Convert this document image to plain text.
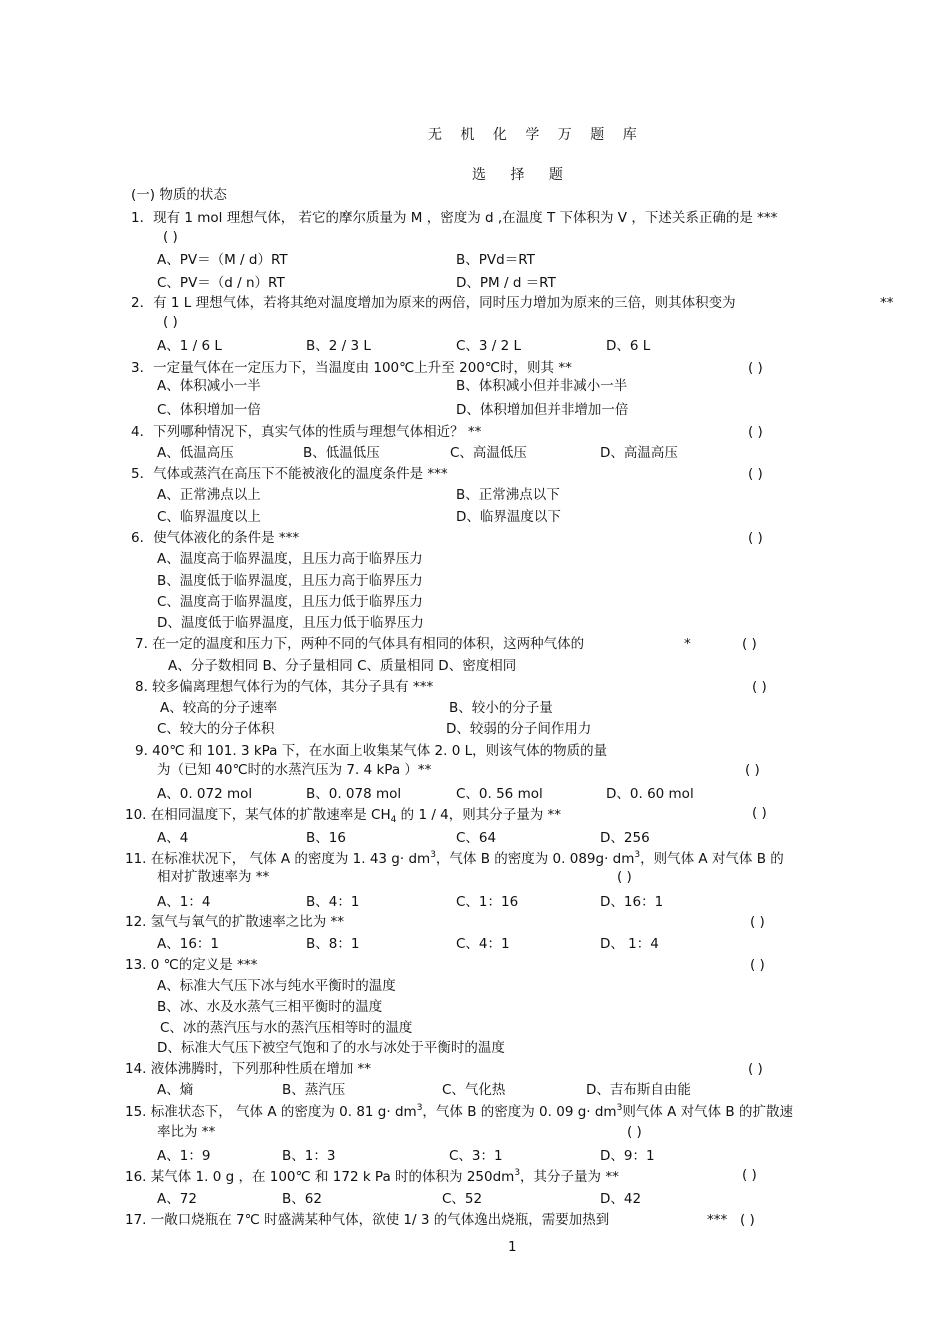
无 机 化 学 万 题 库
选 择 题
(一) 物质的状态
1．现有 1 mol 理想气体， 若它的摩尔质量为 M ，密度为 d ,在温度 T 下体积为 V ，下述关系正确的是 ***
( )
A、PV＝（M / d）RT	B、PVd＝RT
C、PV＝（d / n）RT	D、PM / d ＝RT
2．有 1 L 理想气体，若将其绝对温度增加为原来的两倍，同时压力增加为原来的三倍，则其体积变为	**
( )
A、1 / 6 L	B、2 / 3 L	C、3 / 2 L	D、6 L
3．一定量气体在一定压力下，当温度由 100℃上升至 200℃时，则其 **	( )
A、体积减小一半	B、体积减小但并非减小一半
C、体积增加一倍	D、体积增加但并非增加一倍
4．下列哪种情况下，真实气体的性质与理想气体相近？ **	( )
A、低温高压	B、低温低压	C、高温低压	D、高温高压
5．气体或蒸汽在高压下不能被液化的温度条件是 ***	( )
A、正常沸点以上	B、正常沸点以下
C、临界温度以上	D、临界温度以下
6．使气体液化的条件是 ***	( )
A、温度高于临界温度，且压力高于临界压力
B、温度低于临界温度，且压力高于临界压力
C、温度高于临界温度，且压力低于临界压力
D、温度低于临界温度，且压力低于临界压力
7. 在一定的温度和压力下，两种不同的气体具有相同的体积，这两种气体的	*	( )
A、分子数相同 B、分子量相同 C、质量相同 D、密度相同
8. 较多偏离理想气体行为的气体，其分子具有 ***	( )
A、较高的分子速率	B、较小的分子量
C、较大的分子体积	D、较弱的分子间作用力
9. 40℃ 和 101. 3 kPa 下，在水面上收集某气体 2. 0 L，则该气体的物质的量
为（已知 40℃时的水蒸汽压为 7. 4 kPa ）**	( )
A、0. 072 mol	B、0. 078 mol	C、0. 56 mol	D、0. 60 mol
10. 在相同温度下，某气体的扩散速率是 $CH_4$ 的 1 / 4，则其分子量为 **	( )
A、4	B、16	C、64	D、256
11. 在标准状况下， 气体 A 的密度为 1. 43 $g\cdot dm^3$，气体 B 的密度为 0. $089g\cdot dm^3$，则气体 A 对气体 B 的
相对扩散速率为 **	( )
A、1：4	B、4：1	C、1：16	D、16：1
12. 氢气与氧气的扩散速率之比为 **	( )
A、16：1	B、8：1	C、4：1	D、 1：4
13. 0 ℃的定义是 ***	( )
A、标准大气压下冰与纯水平衡时的温度
B、冰、水及水蒸气三相平衡时的温度
C、冰的蒸汽压与水的蒸汽压相等时的温度
D、标准大气压下被空气饱和了的水与冰处于平衡时的温度
14. 液体沸腾时，下列那种性质在增加 **	( )
A、熵	B、蒸汽压	C、气化热	D、吉布斯自由能
15. 标准状态下， 气体 A 的密度为 0. 81 $g\cdot dm^3$，气体 B 的密度为 0. 09 $g\cdot dm^3$则气体 A 对气体 B 的扩散速
率比为 **	( )
A、1：9	B、1：3	C、3：1	D、9：1
16. 某气体 1. 0 g ，在 100℃ 和 172 k Pa 时的体积为 $250dm^3$，其分子量为 **	( )
A、72	B、62	C、52	D、42
17. 一敞口烧瓶在 7℃ 时盛满某种气体，欲使 1/ 3 的气体逸出烧瓶，需要加热到	*** ( )
1
